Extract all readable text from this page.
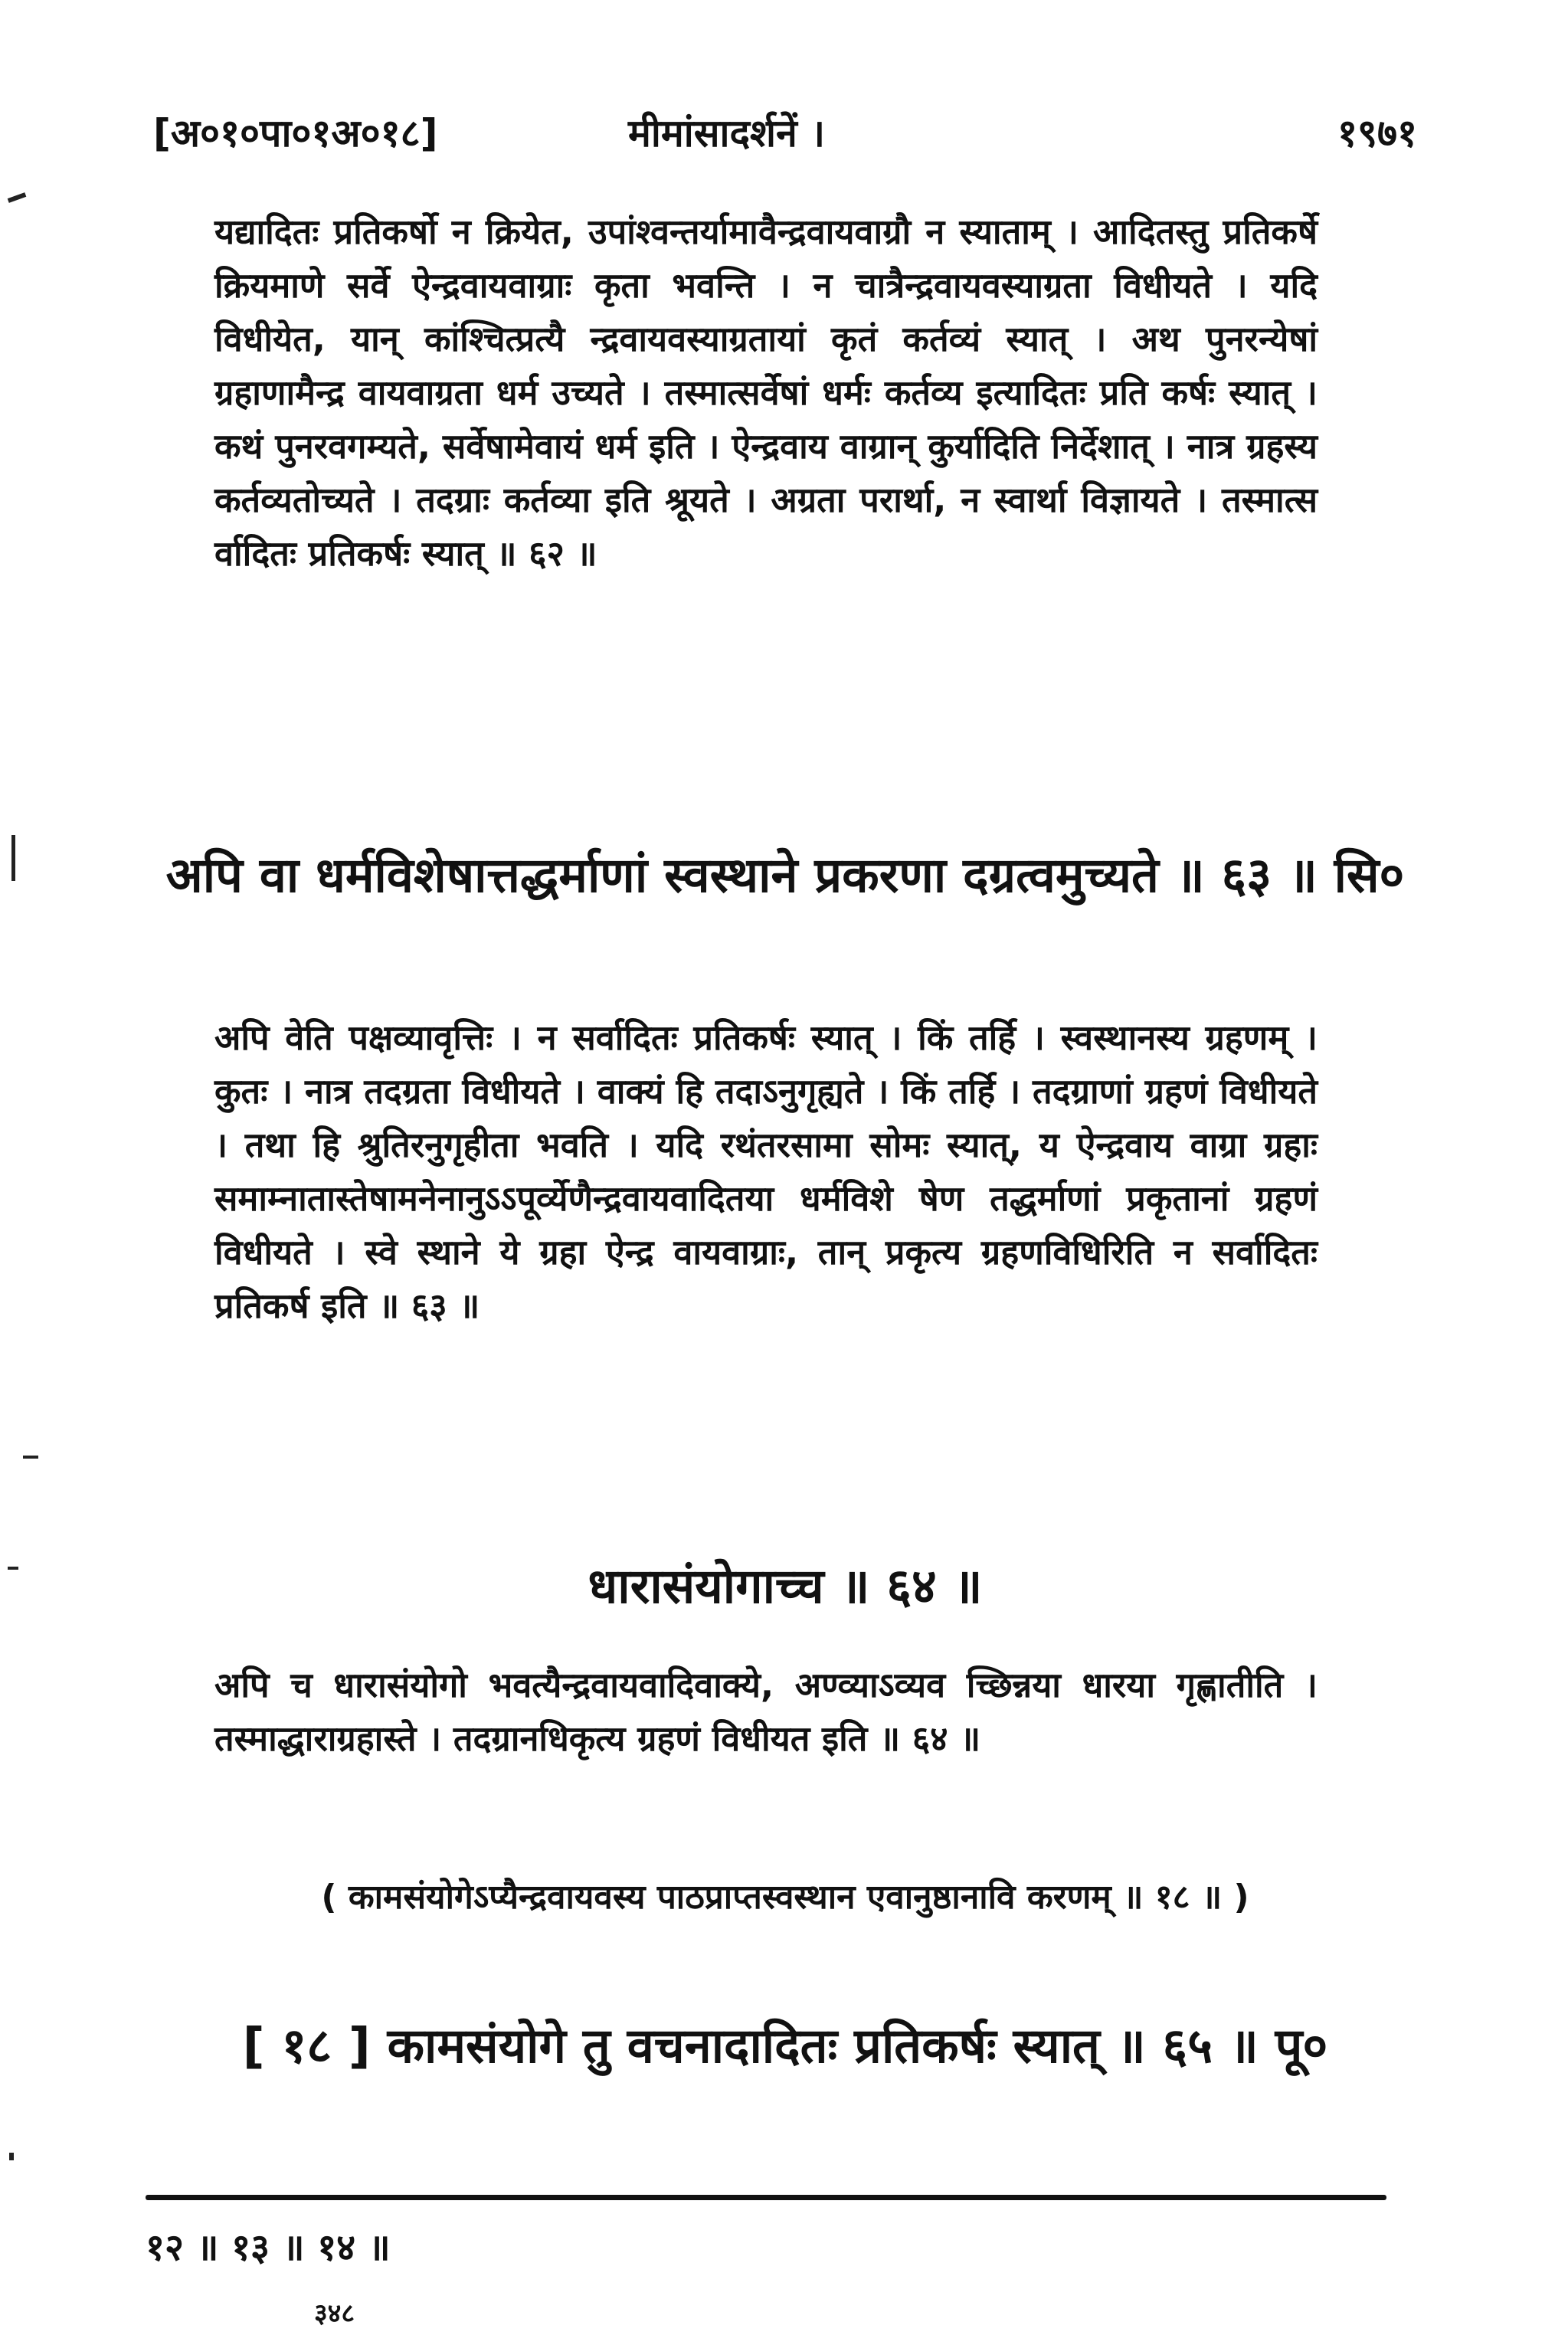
[अ०१०पा०१अ०१८]	मीमांसादर्शनें ।	१९७१
यद्यादितः प्रतिकर्षो न क्रियेत, उपांश्वन्तर्यामावैन्द्रवायवाग्रौ न स्याताम् । आदितस्तु प्रतिकर्षे क्रियमाणे सर्वे ऐन्द्रवायवाग्राः कृता भवन्ति । न चात्रैन्द्रवायवस्याग्रता विधीयते । यदि विधीयेत, यान् कांश्चित्प्रत्यै न्द्रवायवस्याग्रतायां कृतं कर्तव्यं स्यात् । अथ पुनरन्येषां ग्रहाणामैन्द्र वायवाग्रता धर्म उच्यते । तस्मात्सर्वेषां धर्मः कर्तव्य इत्यादितः प्रति कर्षः स्यात् । कथं पुनरवगम्यते, सर्वेषामेवायं धर्म इति । ऐन्द्रवाय वाग्रान् कुर्यादिति निर्देशात् । नात्र ग्रहस्य कर्तव्यतोच्यते । तदग्राः कर्तव्या इति श्रूयते । अग्रता परार्था, न स्वार्था विज्ञायते । तस्मात्स र्वादितः प्रतिकर्षः स्यात् ॥ ६२ ॥
अपि वा धर्मविशेषात्तद्धर्माणां स्वस्थाने प्रकरणा दग्रत्वमुच्यते ॥ ६३ ॥ सि०
अपि वेति पक्षव्यावृत्तिः । न सर्वादितः प्रतिकर्षः स्यात् । किं तर्हि । स्वस्थानस्य ग्रहणम् । कुतः । नात्र तदग्रता विधीयते । वाक्यं हि तदाऽनुगृह्यते । किं तर्हि । तदग्राणां ग्रहणं विधीयते । तथा हि श्रुतिरनुगृहीता भवति । यदि रथंतरसामा सोमः स्यात्, य ऐन्द्रवाय वाग्रा ग्रहाः समाम्नातास्तेषामनेनानुऽऽपूर्व्येणैन्द्रवायवादितया धर्मविशे षेण तद्धर्माणां प्रकृतानां ग्रहणं विधीयते । स्वे स्थाने ये ग्रहा ऐन्द्र वायवाग्राः, तान् प्रकृत्य ग्रहणविधिरिति न सर्वादितः प्रतिकर्ष इति ॥ ६३ ॥
धारासंयोगाच्च ॥ ६४ ॥
अपि च धारासंयोगो भवत्यैन्द्रवायवादिवाक्ये, अण्व्याऽव्यव च्छिन्नया धारया गृह्णातीति । तस्माद्धाराग्रहास्ते । तदग्रानधिकृत्य ग्रहणं विधीयत इति ॥ ६४ ॥
( कामसंयोगेऽप्यैन्द्रवायवस्य पाठप्राप्तस्वस्थान एवानुष्ठानावि करणम् ॥ १८ ॥ )
[ १८ ] कामसंयोगे तु वचनादादितः प्रतिकर्षः स्यात् ॥ ६५ ॥ पू०
१२ ॥ १३ ॥ १४ ॥
३४८
